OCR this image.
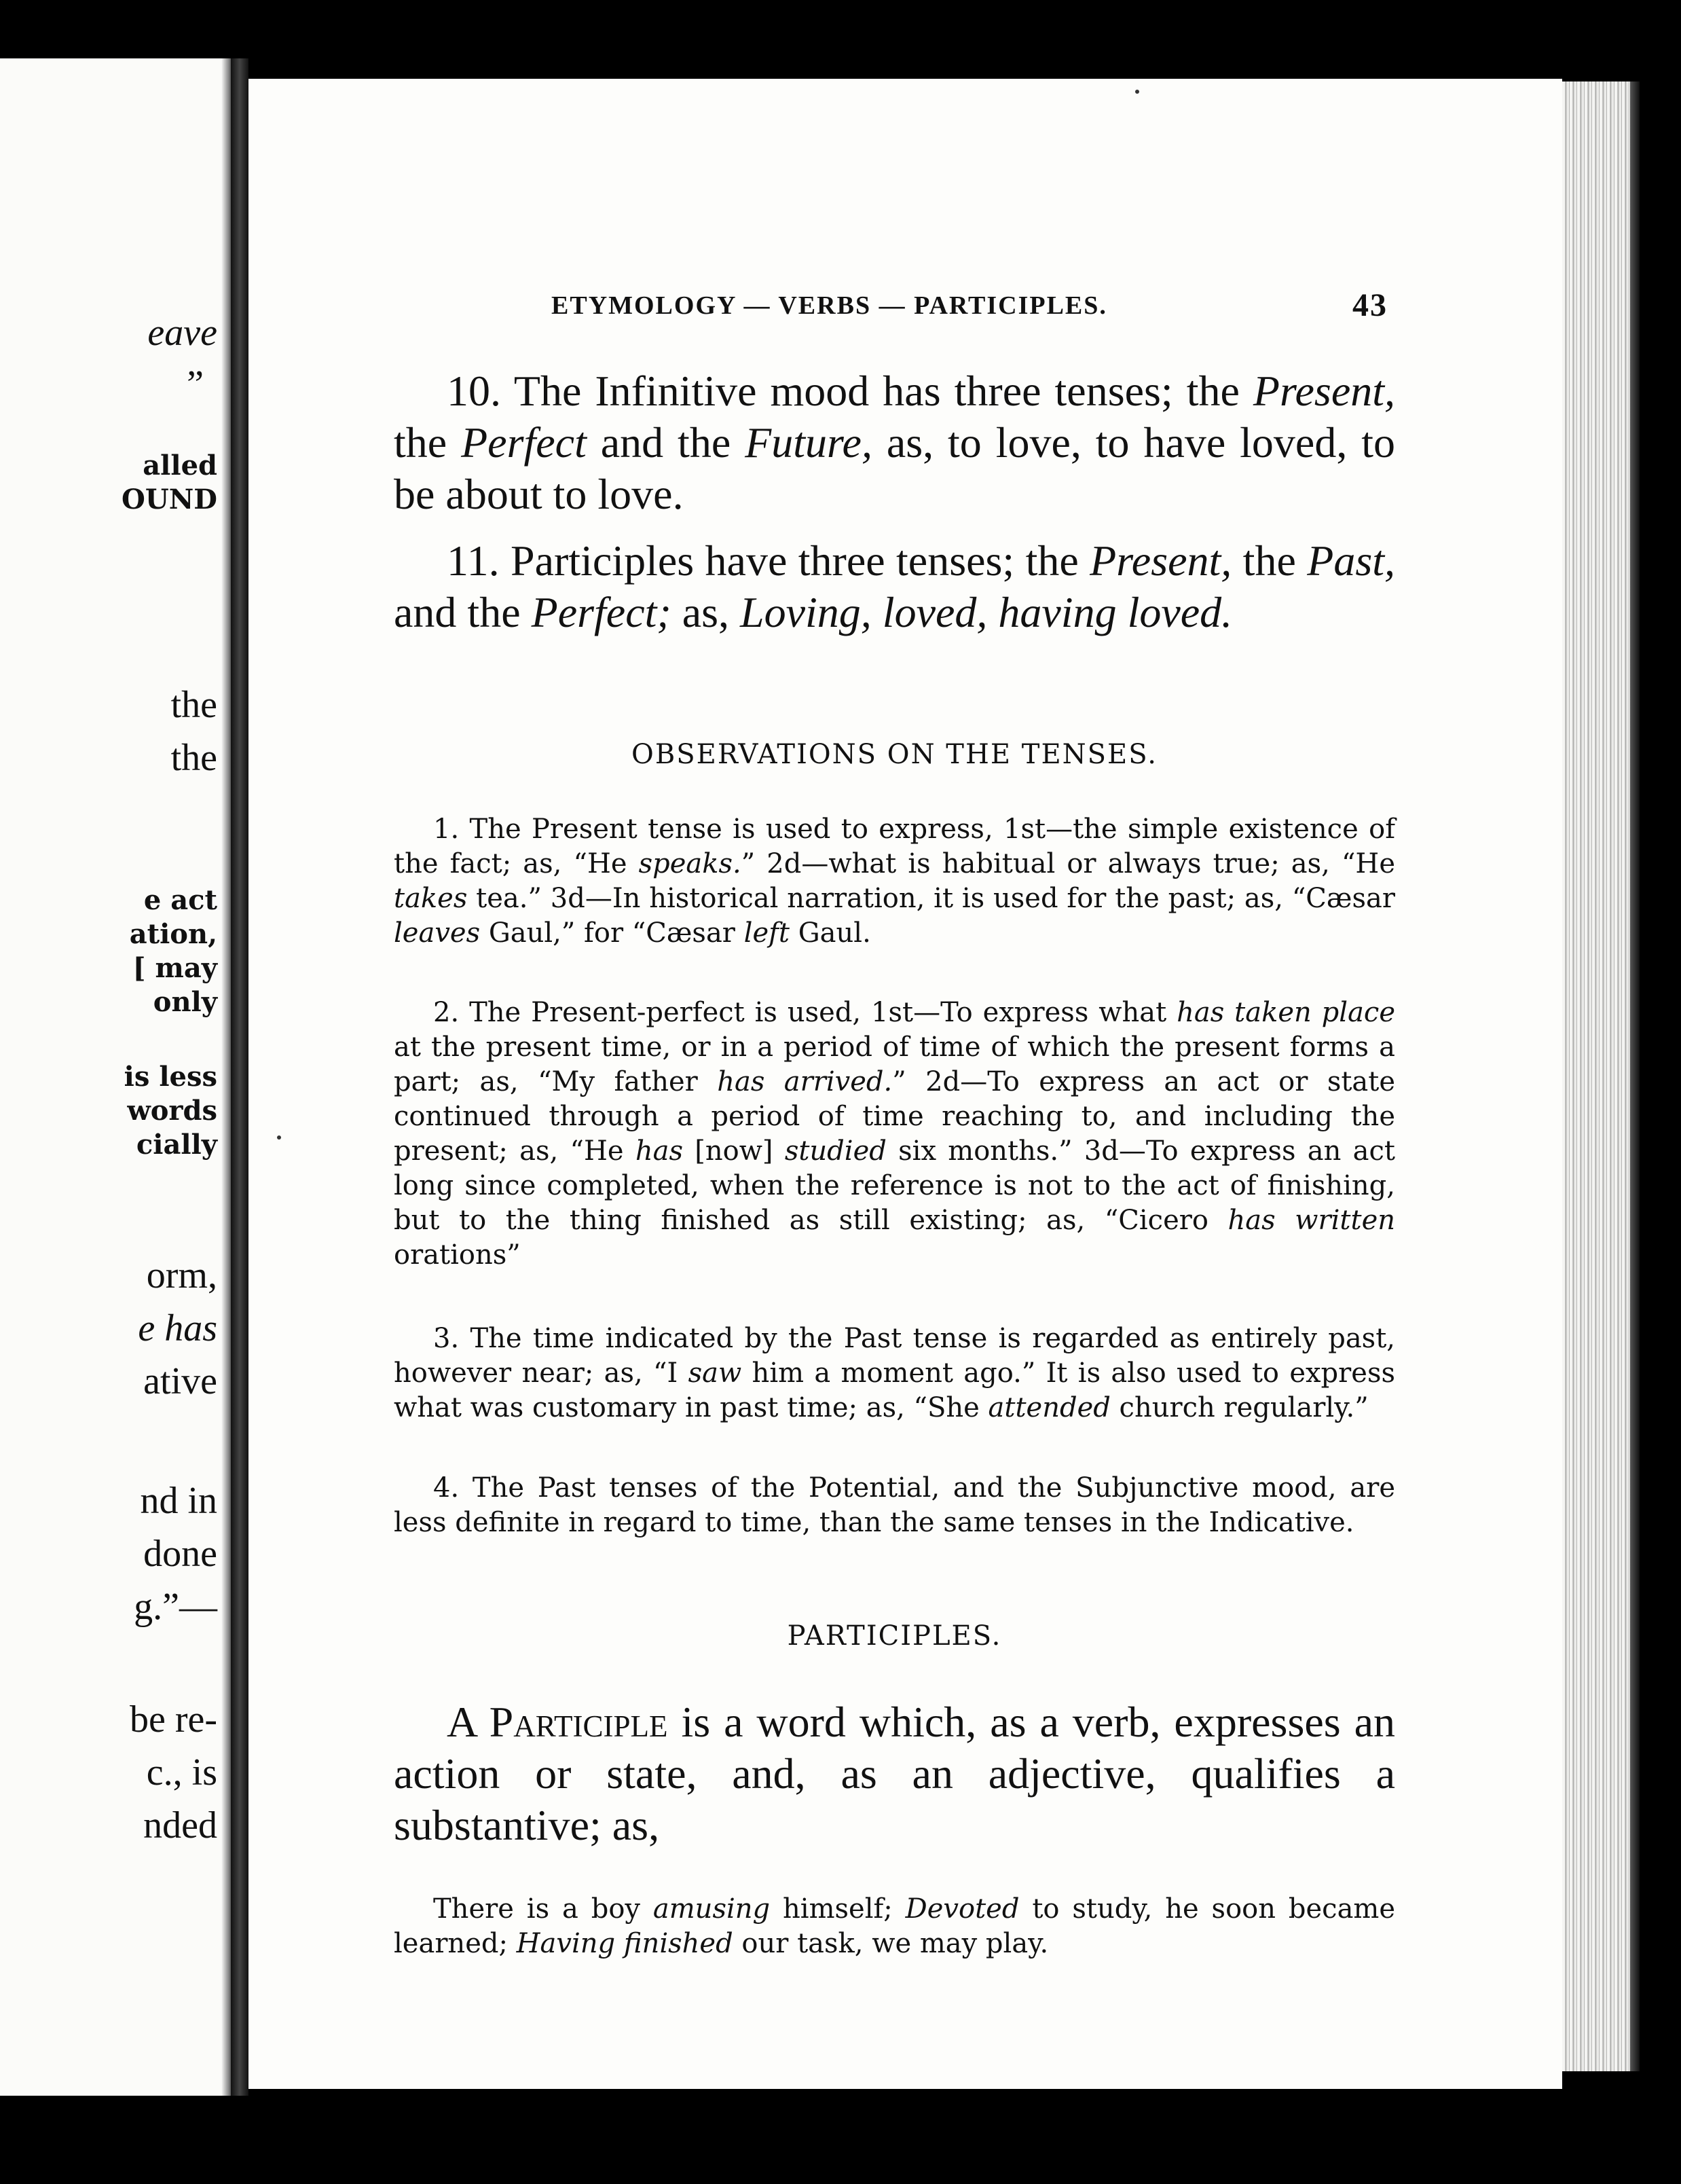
eave
”
alled
OUND
the
the
e act
ation,
[ may
only
is less
words
cially
orm,
e has
ative
nd in
done
g.”—
be re-
c., is
nded
ETYMOLOGY — VERBS — PARTICIPLES.	43
10. The Infinitive mood has three tenses; the Present, the Perfect and the Future, as, to love, to have loved, to be about to love.
11. Participles have three tenses; the Present, the Past, and the Perfect; as, Loving, loved, having loved.
OBSERVATIONS ON THE TENSES.
1. The Present tense is used to express, 1st—the simple existence of the fact; as, “He speaks.” 2d—what is habitual or always true; as, “He takes tea.” 3d—In historical narration, it is used for the past; as, “Cæsar leaves Gaul,” for “Cæsar left Gaul.
2. The Present-perfect is used, 1st—To express what has taken place at the present time, or in a period of time of which the present forms a part; as, “My father has arrived.” 2d—To express an act or state continued through a period of time reaching to, and including the present; as, “He has [now] studied six months.” 3d—To express an act long since completed, when the reference is not to the act of finishing, but to the thing finished as still existing; as, “Cicero has written orations”
3. The time indicated by the Past tense is regarded as entirely past, however near; as, “I saw him a moment ago.” It is also used to express what was customary in past time; as, “She attended church regularly.”
4. The Past tenses of the Potential, and the Subjunctive mood, are less definite in regard to time, than the same tenses in the Indicative.
PARTICIPLES.
A Participle is a word which, as a verb, expresses an action or state, and, as an adjective, qualifies a substantive; as,
There is a boy amusing himself; Devoted to study, he soon became learned; Having finished our task, we may play.
